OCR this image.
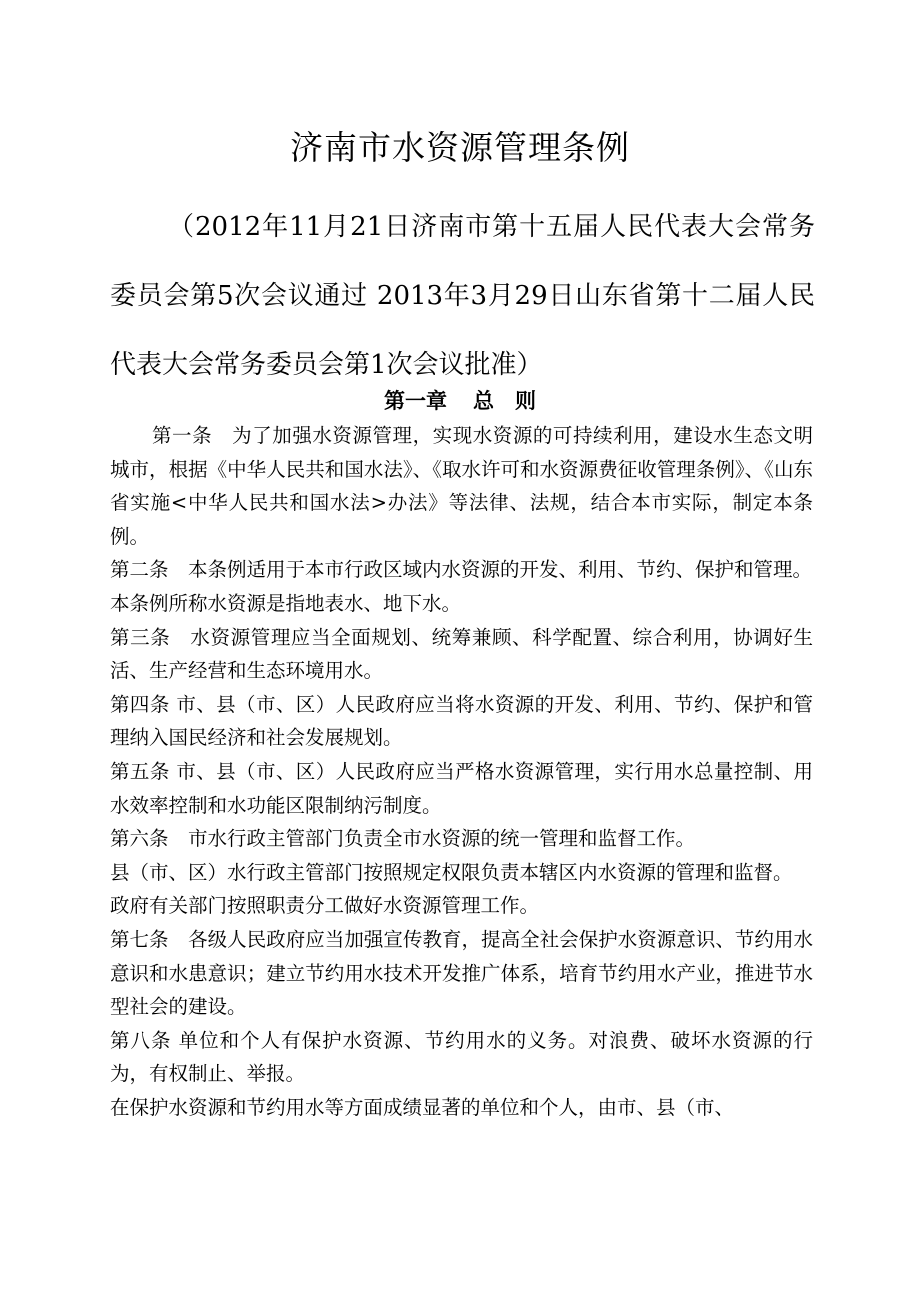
济南市水资源管理条例
（2012年11月21日济南市第十五届人民代表大会常务委员会第5次会议通过 2013年3月29日山东省第十二届人民代表大会常务委员会第1次会议批准）
第一章 总　则

第一条　为了加强水资源管理，实现水资源的可持续利用，建设水生态文明城市，根据《中华人民共和国水法》、《取水许可和水资源费征收管理条例》、《山东省实施<中华人民共和国水法>办法》等法律、法规，结合本市实际，制定本条例。

第二条　本条例适用于本市行政区域内水资源的开发、利用、节约、保护和管理。

本条例所称水资源是指地表水、地下水。

第三条　水资源管理应当全面规划、统筹兼顾、科学配置、综合利用，协调好生活、生产经营和生态环境用水。

第四条 市、县（市、区）人民政府应当将水资源的开发、利用、节约、保护和管理纳入国民经济和社会发展规划。

第五条 市、县（市、区）人民政府应当严格水资源管理，实行用水总量控制、用水效率控制和水功能区限制纳污制度。

第六条　市水行政主管部门负责全市水资源的统一管理和监督工作。

县（市、区）水行政主管部门按照规定权限负责本辖区内水资源的管理和监督。

政府有关部门按照职责分工做好水资源管理工作。

第七条　各级人民政府应当加强宣传教育，提高全社会保护水资源意识、节约用水意识和水患意识；建立节约用水技术开发推广体系，培育节约用水产业，推进节水型社会的建设。

第八条 单位和个人有保护水资源、节约用水的义务。对浪费、破坏水资源的行为，有权制止、举报。

在保护水资源和节约用水等方面成绩显著的单位和个人，由市、县（市、
